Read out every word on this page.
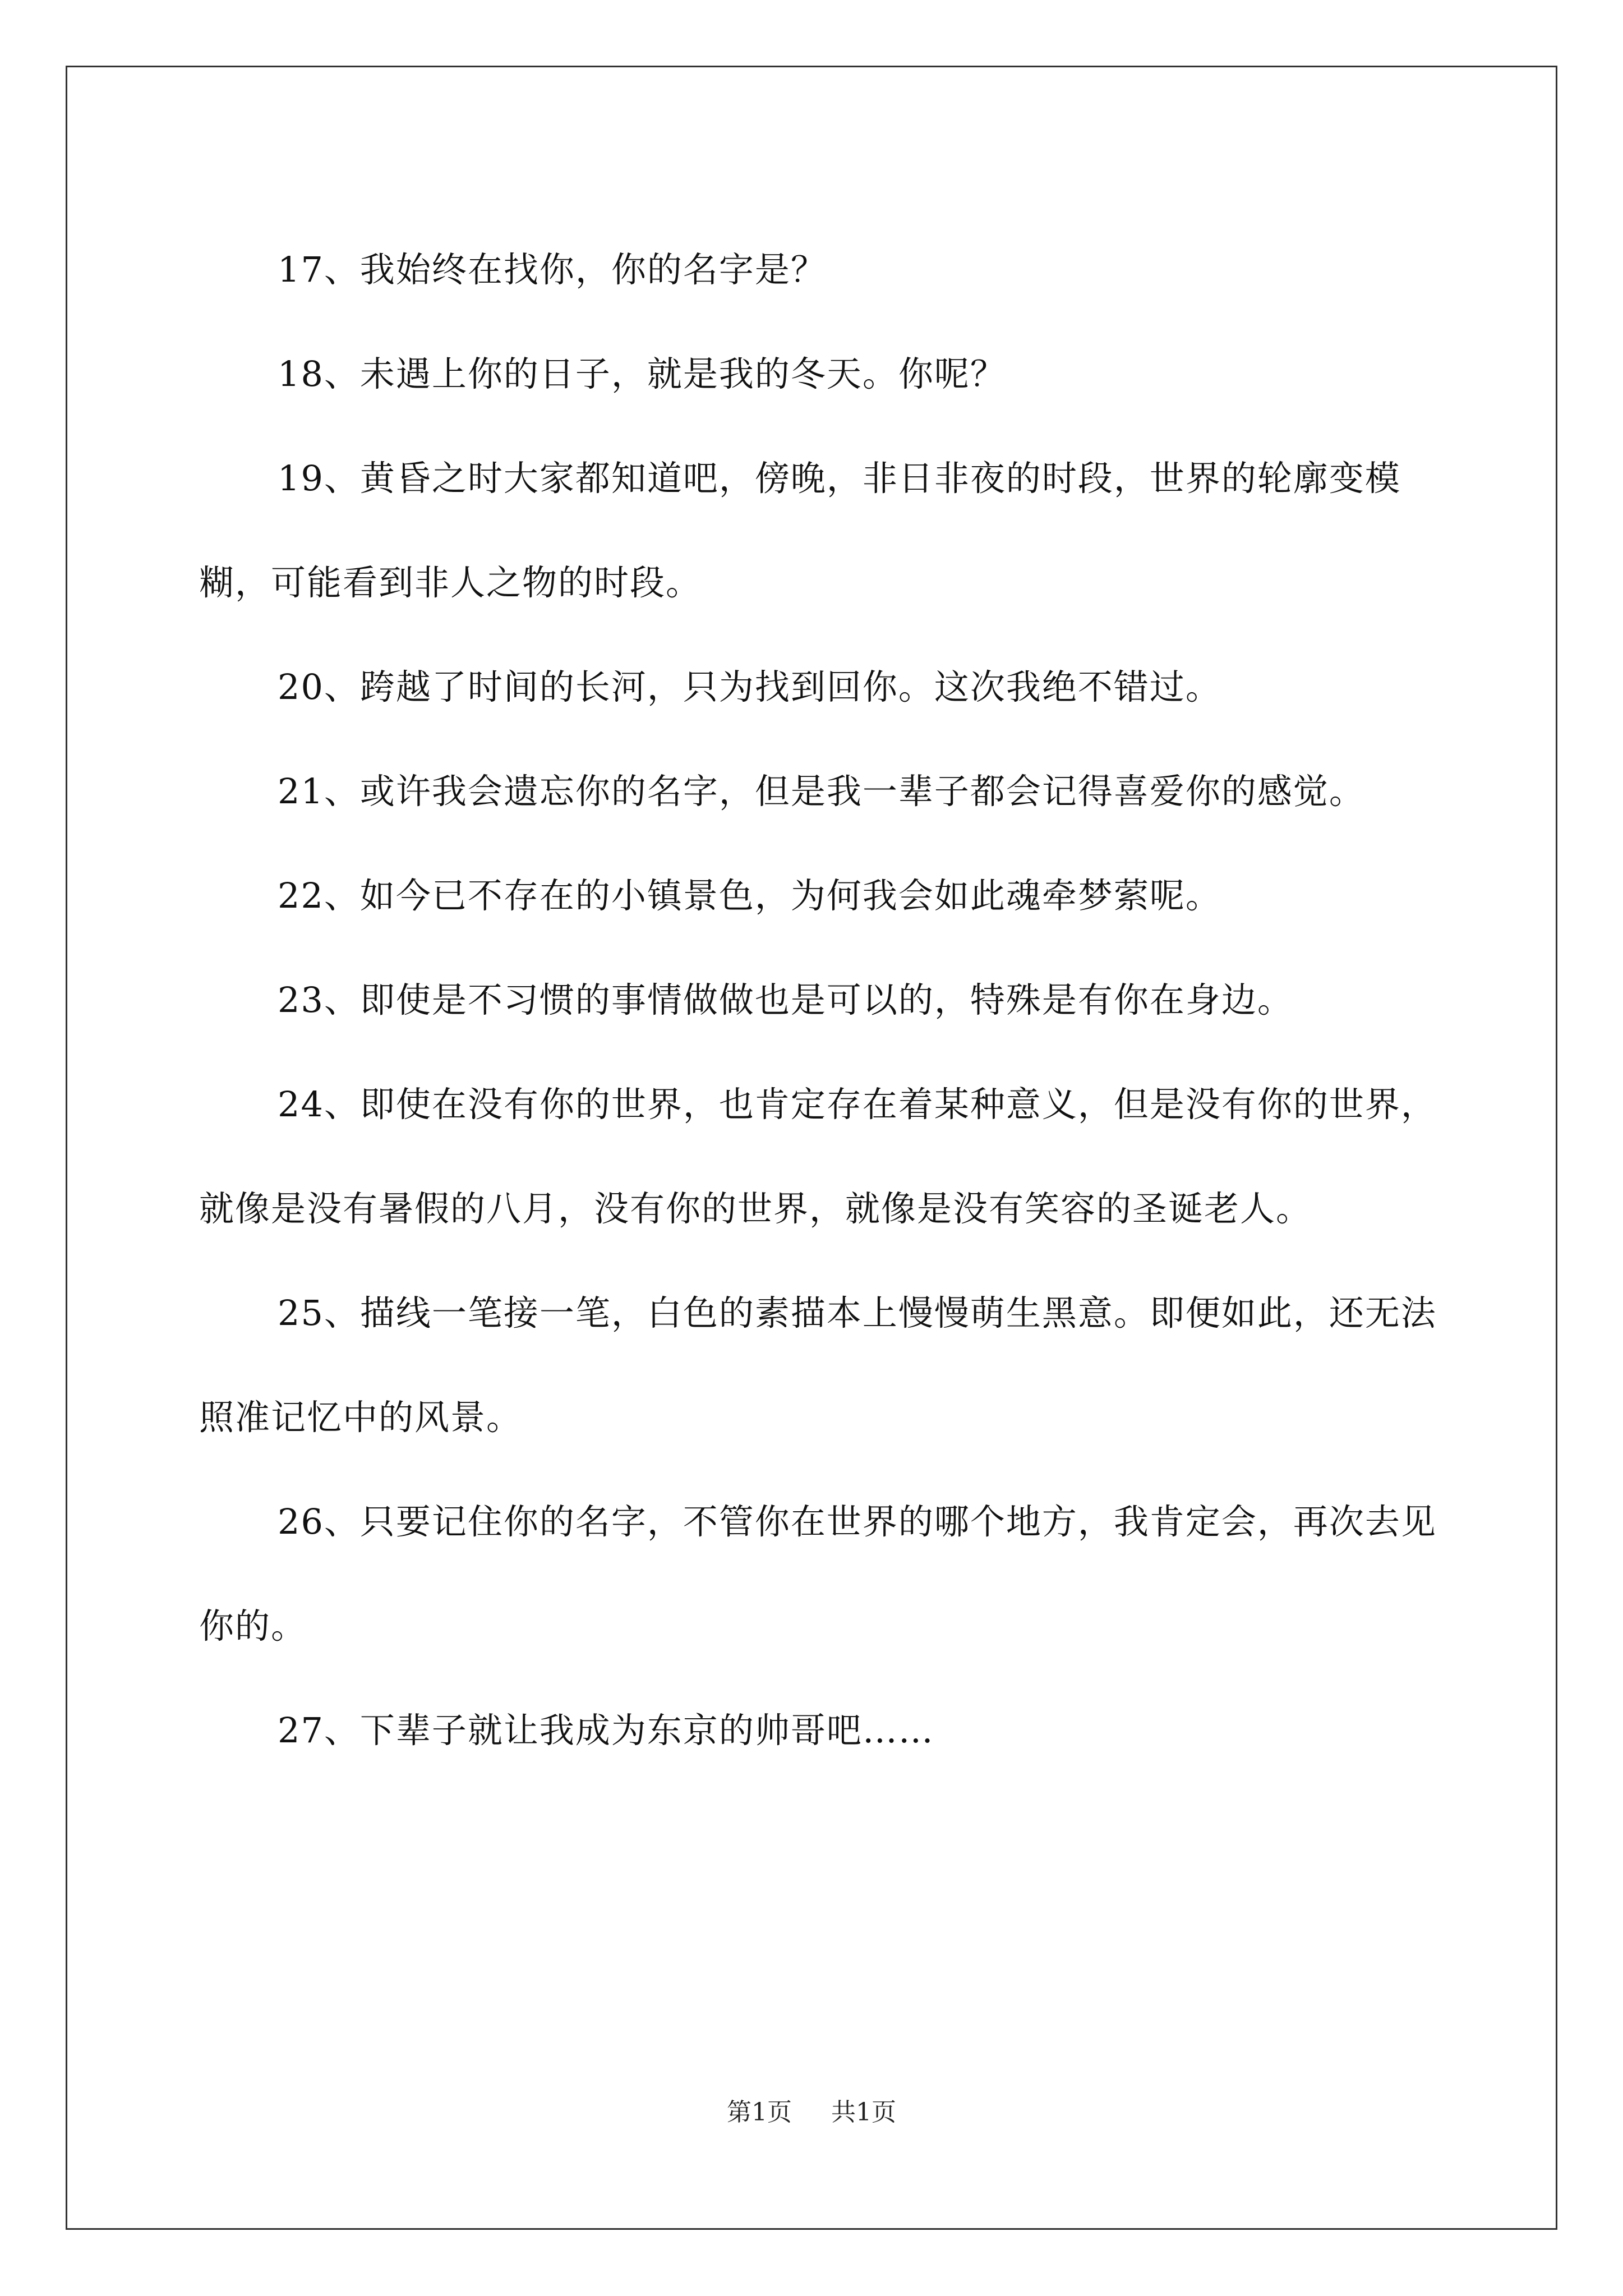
17、我始终在找你，你的名字是？

18、未遇上你的日子，就是我的冬天。你呢？

19、黄昏之时大家都知道吧，傍晚，非日非夜的时段，世界的轮廓变模糊，可能看到非人之物的时段。

20、跨越了时间的长河，只为找到回你。这次我绝不错过。

21、或许我会遗忘你的名字，但是我一辈子都会记得喜爱你的感觉。

22、如今已不存在的小镇景色，为何我会如此魂牵梦萦呢。

23、即使是不习惯的事情做做也是可以的，特殊是有你在身边。

24、即使在没有你的世界，也肯定存在着某种意义，但是没有你的世界，就像是没有暑假的八月，没有你的世界，就像是没有笑容的圣诞老人。

25、描线一笔接一笔，白色的素描本上慢慢萌生黑意。即便如此，还无法照准记忆中的风景。

26、只要记住你的名字，不管你在世界的哪个地方，我肯定会，再次去见你的。

27、下辈子就让我成为东京的帅哥吧……

第1页 共1页
